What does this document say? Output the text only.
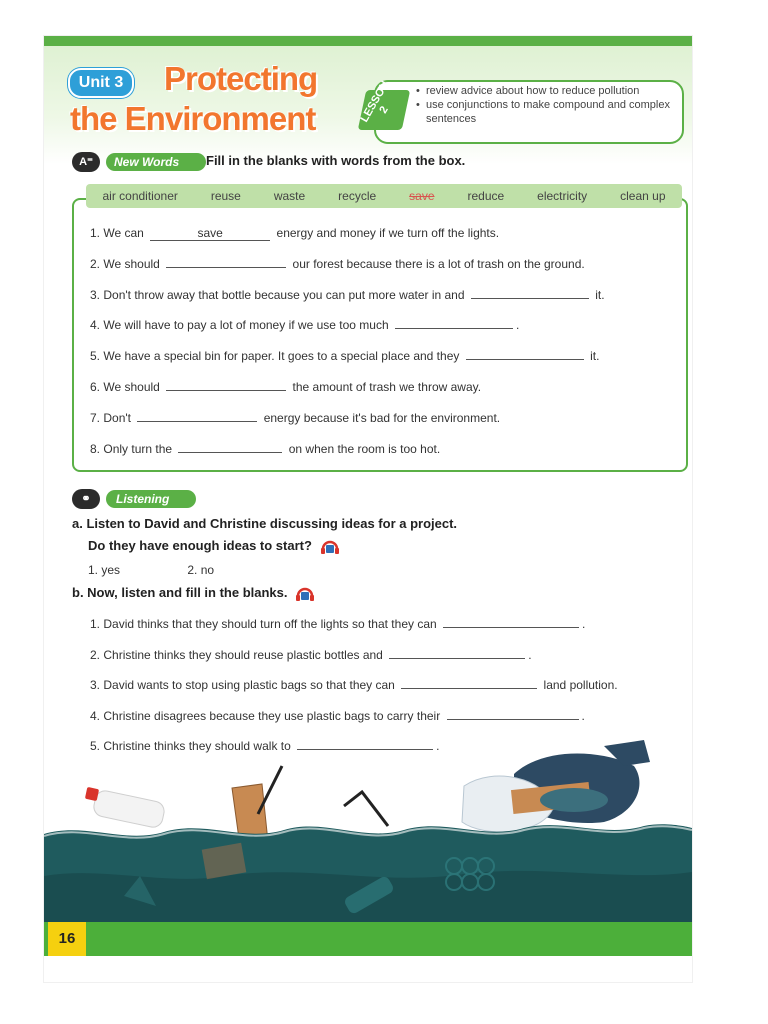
Unit 3	Protecting
the Environment	LESSON 2
• review advice about how to reduce pollution
• use conjunctions to make compound and complex sentences
A⁼	New Words	Fill in the blanks with words from the box.
air conditioner	reuse	waste	recycle	save	reduce	electricity	clean up
1. We can	save	energy and money if we turn off the lights.
2. We should	our forest because there is a lot of trash on the ground.
3. Don't throw away that bottle because you can put more water in and	it.
4. We will have to pay a lot of money if we use too much	.
5. We have a special bin for paper. It goes to a special place and they	it.
6. We should	the amount of trash we throw away.
7. Don't	energy because it's bad for the environment.
8. Only turn the	on when the room is too hot.
⚭	Listening
a. Listen to David and Christine discussing ideas for a project.
Do they have enough ideas to start?
1. yes	2. no
b. Now, listen and fill in the blanks.
1. David thinks that they should turn off the lights so that they can	.
2. Christine thinks they should reuse plastic bottles and	.
3. David wants to stop using plastic bags so that they can	land pollution.
4. Christine disagrees because they use plastic bags to carry their	.
5. Christine thinks they should walk to	.
16
